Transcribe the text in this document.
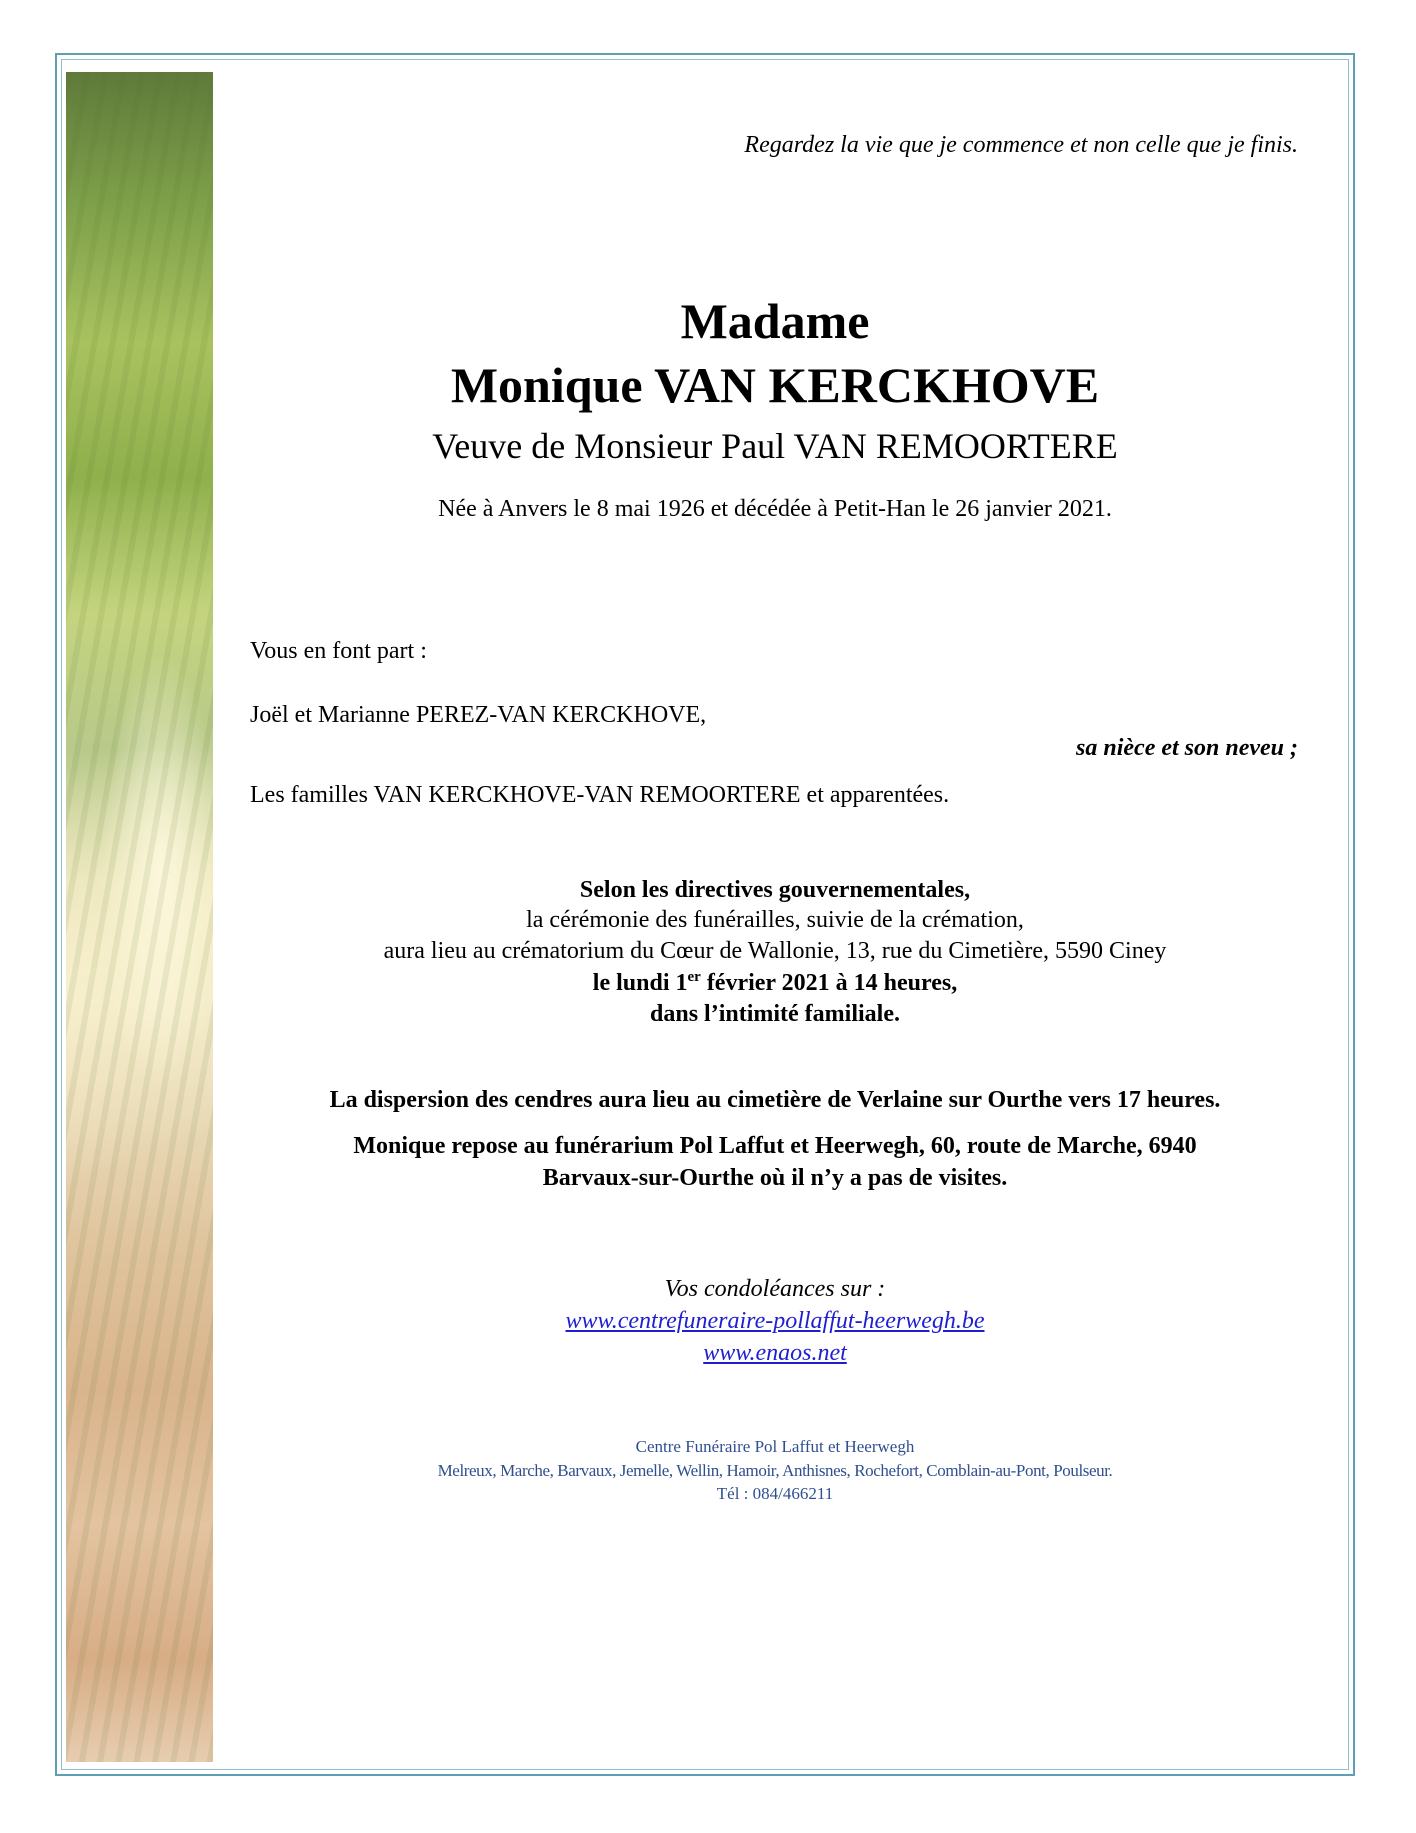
Regardez la vie que je commence et non celle que je finis.
Madame
Monique VAN KERCKHOVE
Veuve de Monsieur Paul VAN REMOORTERE
Née à Anvers le 8 mai 1926 et décédée à Petit-Han le 26 janvier 2021.
Vous en font part :
Joël et Marianne PEREZ-VAN KERCKHOVE,
sa nièce et son neveu ;
Les familles VAN KERCKHOVE-VAN REMOORTERE et apparentées.
Selon les directives gouvernementales,
la cérémonie des funérailles, suivie de la crémation,
aura lieu au crématorium du Cœur de Wallonie, 13, rue du Cimetière, 5590 Ciney
le lundi 1er février 2021 à 14 heures,
dans l’intimité familiale.
La dispersion des cendres aura lieu au cimetière de Verlaine sur Ourthe vers 17 heures.
Monique repose au funérarium Pol Laffut et Heerwegh, 60, route de Marche, 6940
Barvaux-sur-Ourthe où il n’y a pas de visites.
Vos condoléances sur :
www.centrefuneraire-pollaffut-heerwegh.be
www.enaos.net
Centre Funéraire Pol Laffut et Heerwegh
Melreux, Marche, Barvaux, Jemelle, Wellin, Hamoir, Anthisnes, Rochefort, Comblain-au-Pont, Poulseur.
Tél : 084/466211
